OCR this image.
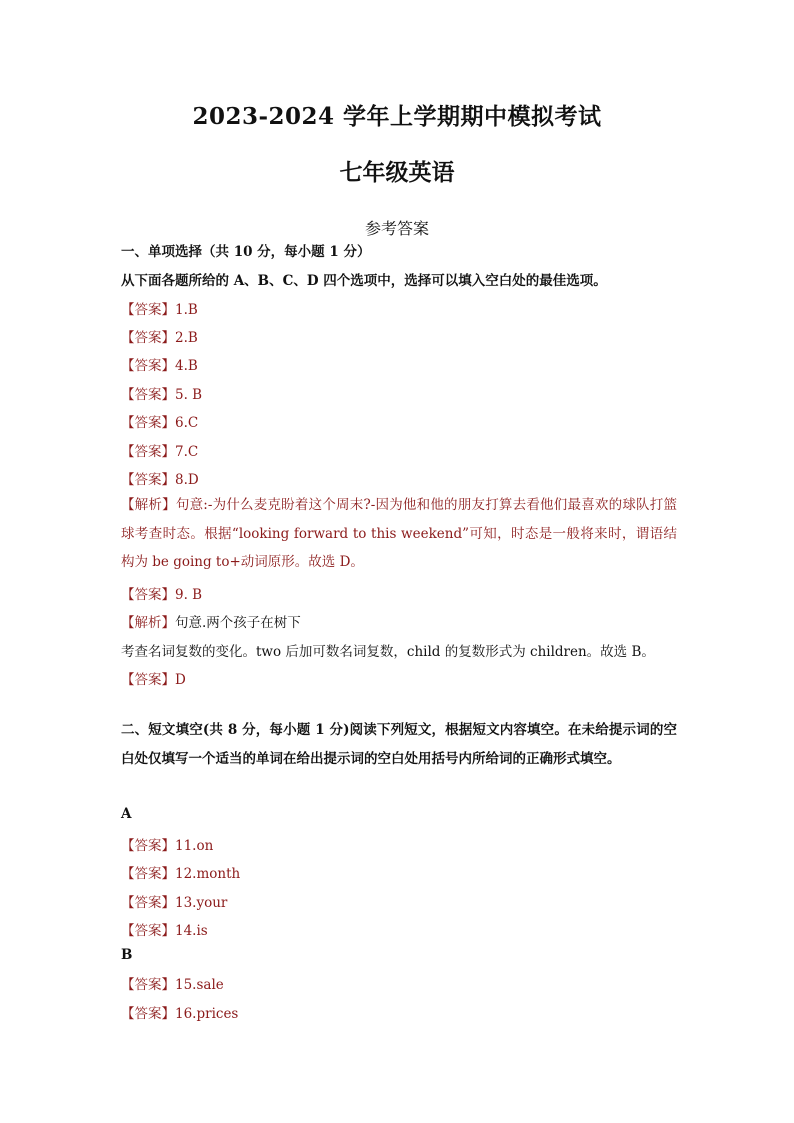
2023-2024 学年上学期期中模拟考试
七年级英语
参考答案
一、单项选择（共 10 分，每小题 1 分）
从下面各题所给的 A、B、C、D 四个选项中，选择可以填入空白处的最佳选项。
【答案】1.B
【答案】2.B
【答案】4.B
【答案】5. B
【答案】6.C
【答案】7.C
【答案】8.D
【解析】句意:-为什么麦克盼着这个周末?-因为他和他的朋友打算去看他们最喜欢的球队打篮球考查时态。根据“looking forward to this weekend”可知，时态是一般将来时，谓语结构为 be going to+动词原形。故选 D。
【答案】9. B
【解析】句意.两个孩子在树下
考查名词复数的变化。two 后加可数名词复数，child 的复数形式为 children。故选 B。
【答案】D
二、短文填空(共 8 分，每小题 1 分)阅读下列短文，根据短文内容填空。在未给提示词的空白处仅填写一个适当的单词在给出提示词的空白处用括号内所给词的正确形式填空。
A
【答案】11.on
【答案】12.month
【答案】13.your
【答案】14.is
B
【答案】15.sale
【答案】16.prices
